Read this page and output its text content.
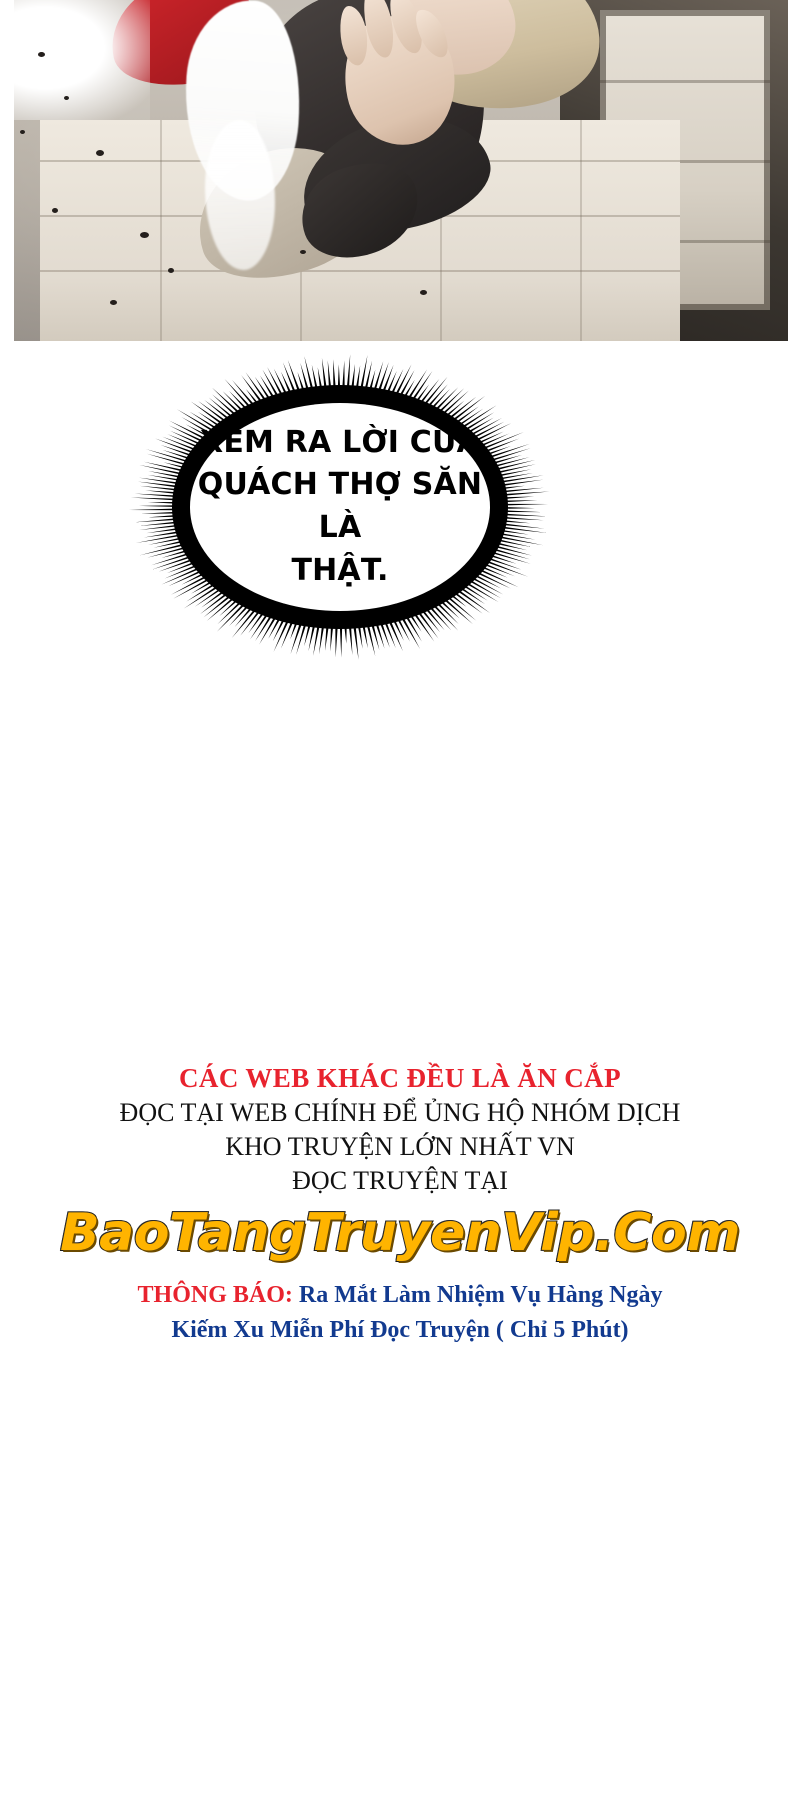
XEM RA LỜI CỦA
QUÁCH THỢ SĂN LÀ
THẬT.
CÁC WEB KHÁC ĐỀU LÀ ĂN CẮP
ĐỌC TẠI WEB CHÍNH ĐỂ ỦNG HỘ NHÓM DỊCH
KHO TRUYỆN LỚN NHẤT VN
ĐỌC TRUYỆN TẠI
BaoTangTruyenVip.Com
THÔNG BÁO: Ra Mắt Làm Nhiệm Vụ Hàng Ngày
Kiếm Xu Miễn Phí Đọc Truyện ( Chỉ 5 Phút)
